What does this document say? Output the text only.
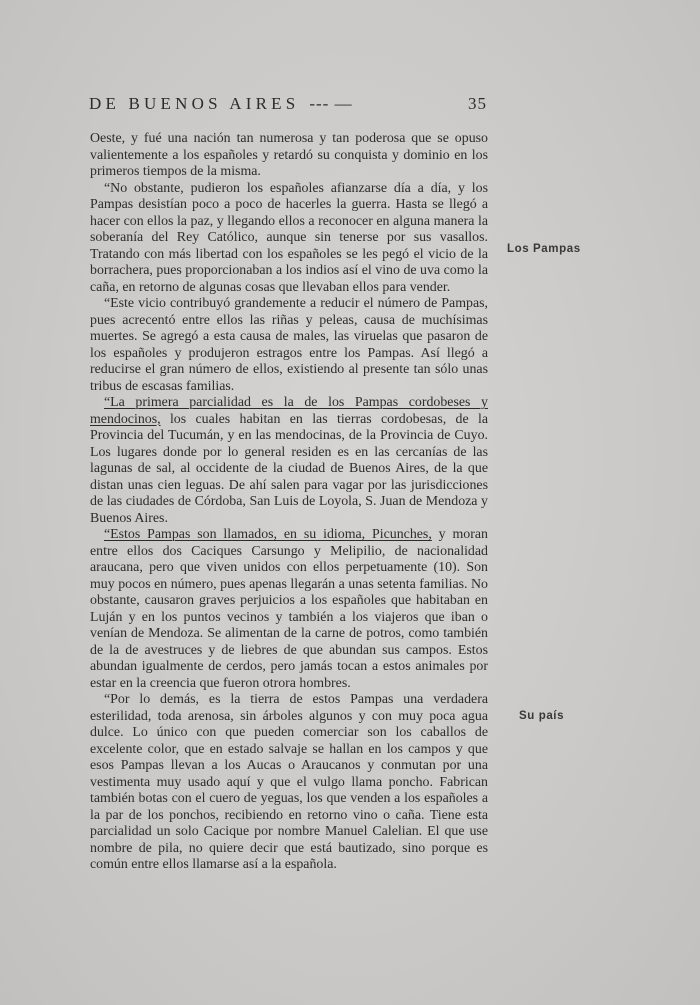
DE BUENOS AIRES --- —	35

Oeste, y fué una nación tan numerosa y tan poderosa que se opuso valientemente a los españoles y retardó su conquista y dominio en los primeros tiempos de la misma.

“No obstante, pudieron los españoles afianzarse día a día, y los Pampas desistían poco a poco de hacerles la guerra. Hasta se llegó a hacer con ellos la paz, y llegando ellos a reconocer en alguna manera la soberanía del Rey Católico, aunque sin tenerse por sus vasallos. Tratando con más libertad con los españoles se les pegó el vicio de la borrachera, pues proporcionaban a los indios así el vino de uva como la caña, en retorno de algunas cosas que llevaban ellos para vender.

“Este vicio contribuyó grandemente a reducir el número de Pampas, pues acrecentó entre ellos las riñas y peleas, causa de muchísimas muertes. Se agregó a esta causa de males, las viruelas que pasaron de los españoles y produjeron estragos entre los Pampas. Así llegó a reducirse el gran número de ellos, existiendo al presente tan sólo unas tribus de escasas familias.

“La primera parcialidad es la de los Pampas cordobeses y mendocinos, los cuales habitan en las tierras cordobesas, de la Provincia del Tucumán, y en las mendocinas, de la Provincia de Cuyo. Los lugares donde por lo general residen es en las cercanías de las lagunas de sal, al occidente de la ciudad de Buenos Aires, de la que distan unas cien leguas. De ahí salen para vagar por las jurisdicciones de las ciudades de Córdoba, San Luis de Loyola, S. Juan de Mendoza y Buenos Aires.

“Estos Pampas son llamados, en su idioma, Picunches, y moran entre ellos dos Caciques Carsungo y Melipilio, de nacionalidad araucana, pero que viven unidos con ellos perpetuamente (10). Son muy pocos en número, pues apenas llegarán a unas setenta familias. No obstante, causaron graves perjuicios a los españoles que habitaban en Luján y en los puntos vecinos y también a los viajeros que iban o venían de Mendoza. Se alimentan de la carne de potros, como también de la de avestruces y de liebres de que abundan sus campos. Estos abundan igualmente de cerdos, pero jamás tocan a estos animales por estar en la creencia que fueron otrora hombres.

“Por lo demás, es la tierra de estos Pampas una verdadera esterilidad, toda arenosa, sin árboles algunos y con muy poca agua dulce. Lo único con que pueden comerciar son los caballos de excelente color, que en estado salvaje se hallan en los campos y que esos Pampas llevan a los Aucas o Araucanos y conmutan por una vestimenta muy usado aquí y que el vulgo llama poncho. Fabrican también botas con el cuero de yeguas, los que venden a los españoles a la par de los ponchos, recibiendo en retorno vino o caña. Tiene esta parcialidad un solo Cacique por nombre Manuel Calelian. El que use nombre de pila, no quiere decir que está bautizado, sino porque es común entre ellos llamarse así a la española.

Los Pampas
Su país
